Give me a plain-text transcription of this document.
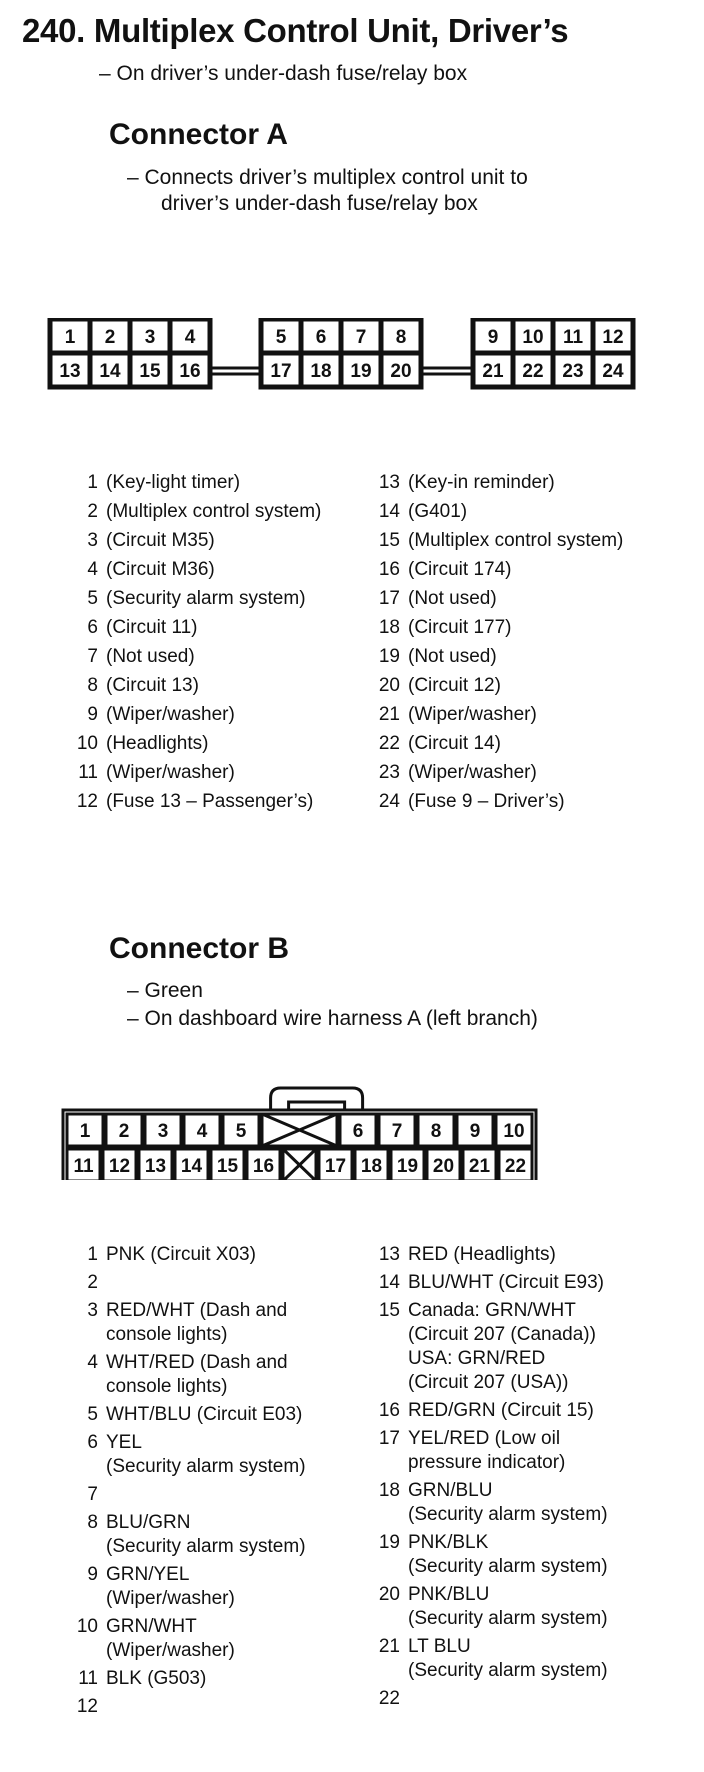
240. Multiplex Control Unit, Driver’s
– On driver’s under-dash fuse/relay box
Connector A
– Connects driver’s multiplex control unit to
driver’s under-dash fuse/relay box
1 2 3 4
13 14 15 16
5 6 7 8
17 18 19 20
9 10 11 12
21 22 23 24
1 (Key-light timer)
2 (Multiplex control system)
3 (Circuit M35)
4 (Circuit M36)
5 (Security alarm system)
6 (Circuit 11)
7 (Not used)
8 (Circuit 13)
9 (Wiper/washer)
10 (Headlights)
11 (Wiper/washer)
12 (Fuse 13 – Passenger’s)
13 (Key-in reminder)
14 (G401)
15 (Multiplex control system)
16 (Circuit 174)
17 (Not used)
18 (Circuit 177)
19 (Not used)
20 (Circuit 12)
21 (Wiper/washer)
22 (Circuit 14)
23 (Wiper/washer)
24 (Fuse 9 – Driver’s)
Connector B
– Green
– On dashboard wire harness A (left branch)
1 2 3 4 5	6 7 8 9 10
11 12 13 14 15 16	17 18 19 20 21 22
1 PNK (Circuit X03)
2
3 RED/WHT (Dash and
console lights)
4 WHT/RED (Dash and
console lights)
5 WHT/BLU (Circuit E03)
6 YEL
(Security alarm system)
7
8 BLU/GRN
(Security alarm system)
9 GRN/YEL
(Wiper/washer)
10 GRN/WHT
(Wiper/washer)
11 BLK (G503)
12
13 RED (Headlights)
14 BLU/WHT (Circuit E93)
15 Canada: GRN/WHT
(Circuit 207 (Canada))
USA: GRN/RED
(Circuit 207 (USA))
16 RED/GRN (Circuit 15)
17 YEL/RED (Low oil
pressure indicator)
18 GRN/BLU
(Security alarm system)
19 PNK/BLK
(Security alarm system)
20 PNK/BLU
(Security alarm system)
21 LT BLU
(Security alarm system)
22
